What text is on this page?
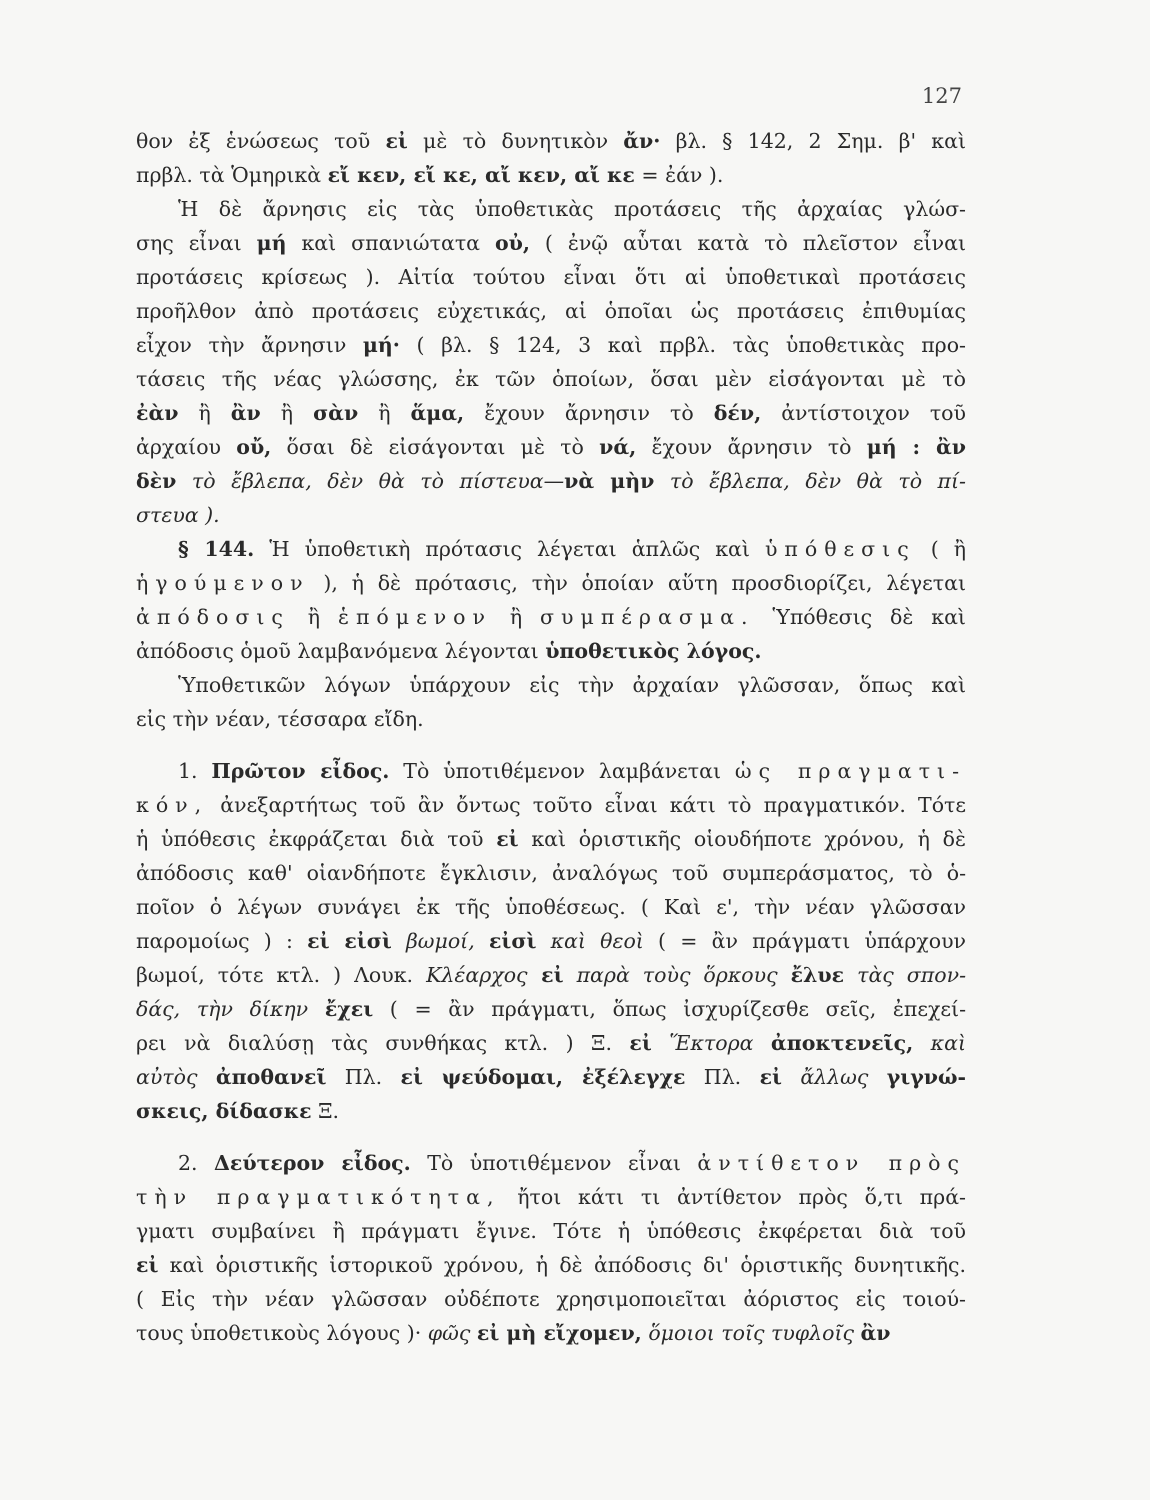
127
θον ἐξ ἑνώσεως τοῦ εἰ μὲ τὸ δυνητικὸν ἄν· βλ. § 142, 2 Σημ. β' καὶ
πρβλ. τὰ Ὁμηρικὰ εἴ κεν, εἴ κε, αἴ κεν, αἴ κε = ἐάν ).
Ἡ δὲ ἄρνησις εἰς τὰς ὑποθετικὰς προτάσεις τῆς ἀρχαίας γλώσ-
σης εἶναι μή καὶ σπανιώτατα οὐ, ( ἐνῷ αὗται κατὰ τὸ πλεῖστον εἶναι
προτάσεις κρίσεως ). Αἰτία τούτου εἶναι ὅτι αἱ ὑποθετικαὶ προτάσεις
προῆλθον ἀπὸ προτάσεις εὐχετικάς, αἱ ὁποῖαι ὡς προτάσεις ἐπιθυμίας
εἶχον τὴν ἄρνησιν μή· ( βλ. § 124, 3 καὶ πρβλ. τὰς ὑποθετικὰς προ-
τάσεις τῆς νέας γλώσσης, ἐκ τῶν ὁποίων, ὅσαι μὲν εἰσάγονται μὲ τὸ
ἐὰν ἢ ἂν ἢ σὰν ἢ ἅμα, ἔχουν ἄρνησιν τὸ δέν, ἀντίστοιχον τοῦ
ἀρχαίου οὔ, ὅσαι δὲ εἰσάγονται μὲ τὸ νά, ἔχουν ἄρνησιν τὸ μή : ἂν
δὲν τὸ ἔβλεπα, δὲν θὰ τὸ πίστευα—νὰ μὴν τὸ ἔβλεπα, δὲν θὰ τὸ πί-
στευα ).
§ 144. Ἡ ὑποθετικὴ πρότασις λέγεται ἁπλῶς καὶ ὑπόθεσις ( ἢ
ἡγούμενον ), ἡ δὲ πρότασις, τὴν ὁποίαν αὕτη προσδιορίζει, λέγεται
ἀπόδοσις ἢ ἑπόμενον ἢ συμπέρασμα. Ὑπόθεσις δὲ καὶ
ἀπόδοσις ὁμοῦ λαμβανόμενα λέγονται ὑποθετικὸς λόγος.
Ὑποθετικῶν λόγων ὑπάρχουν εἰς τὴν ἀρχαίαν γλῶσσαν, ὅπως καὶ
εἰς τὴν νέαν, τέσσαρα εἴδη.
1. Πρῶτον εἶδος. Τὸ ὑποτιθέμενον λαμβάνεται ὡς πραγματι-
κόν, ἀνεξαρτήτως τοῦ ἂν ὄντως τοῦτο εἶναι κάτι τὸ πραγματικόν. Τότε
ἡ ὑπόθεσις ἐκφράζεται διὰ τοῦ εἰ καὶ ὁριστικῆς οἱουδήποτε χρόνου, ἡ δὲ
ἀπόδοσις καθ' οἱανδήποτε ἔγκλισιν, ἀναλόγως τοῦ συμπεράσματος, τὸ ὁ-
ποῖον ὁ λέγων συνάγει ἐκ τῆς ὑποθέσεως. ( Καὶ ε', τὴν νέαν γλῶσσαν
παρομοίως ) : εἰ εἰσὶ βωμοί, εἰσὶ καὶ θεοὶ ( = ἂν πράγματι ὑπάρχουν
βωμοί, τότε κτλ. ) Λουκ. Κλέαρχος εἰ παρὰ τοὺς ὅρκους ἔλυε τὰς σπον-
δάς, τὴν δίκην ἔχει ( = ἂν πράγματι, ὅπως ἰσχυρίζεσθε σεῖς, ἐπεχεί-
ρει νὰ διαλύσῃ τὰς συνθήκας κτλ. ) Ξ. εἰ Ἕκτορα ἀποκτενεῖς, καὶ
αὐτὸς ἀποθανεῖ Πλ. εἰ ψεύδομαι, ἐξέλεγχε Πλ. εἰ ἄλλως γιγνώ-
σκεις, δίδασκε Ξ.
2. Δεύτερον εἶδος. Τὸ ὑποτιθέμενον εἶναι ἀντίθετον πρὸς
τὴν πραγματικότητα, ἤτοι κάτι τι ἀντίθετον πρὸς ὅ,τι πρά-
γματι συμβαίνει ἢ πράγματι ἔγινε. Τότε ἡ ὑπόθεσις ἐκφέρεται διὰ τοῦ
εἰ καὶ ὁριστικῆς ἱστορικοῦ χρόνου, ἡ δὲ ἀπόδοσις δι' ὁριστικῆς δυνητικῆς.
( Εἰς τὴν νέαν γλῶσσαν οὐδέποτε χρησιμοποιεῖται ἀόριστος εἰς τοιού-
τους ὑποθετικοὺς λόγους )· φῶς εἰ μὴ εἴχομεν, ὅμοιοι τοῖς τυφλοῖς ἂν
